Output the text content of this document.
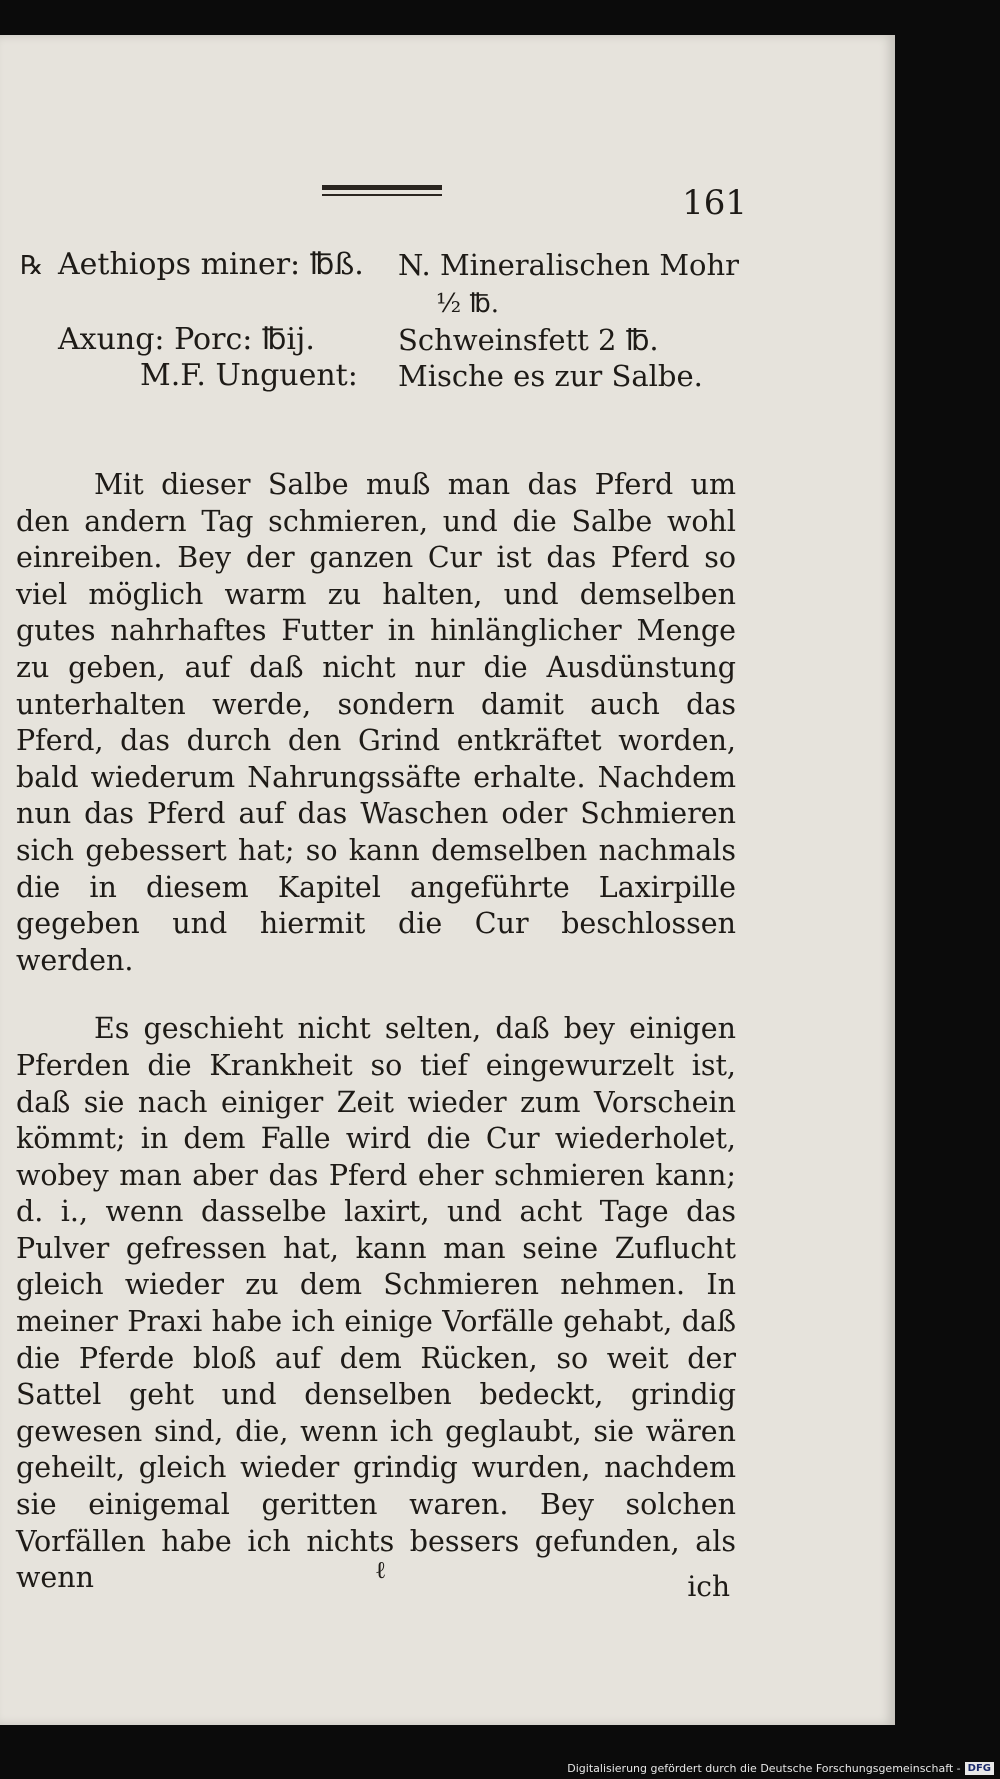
161
℞ Aethiops miner: ℔ß.	N. Mineralischen Mohr
½ ℔.
Axung: Porc: ℔ij.	Schweinsfett 2 ℔.
M.F. Unguent:	Mische es zur Salbe.

Mit dieser Salbe muß man das Pferd um den andern Tag schmieren, und die Salbe wohl einreiben. Bey der ganzen Cur ist das Pferd so viel möglich warm zu halten, und demselben gutes nahrhaftes Futter in hinlänglicher Menge zu geben, auf daß nicht nur die Ausdünstung unterhalten werde, sondern damit auch das Pferd, das durch den Grind entkräftet worden, bald wiederum Nahrungssäfte erhalte. Nachdem nun das Pferd auf das Waschen oder Schmieren sich gebessert hat; so kann demselben nachmals die in diesem Kapitel angeführte Laxirpille gegeben und hiermit die Cur beschlossen werden.

Es geschieht nicht selten, daß bey einigen Pferden die Krankheit so tief eingewurzelt ist, daß sie nach einiger Zeit wieder zum Vorschein kömmt; in dem Falle wird die Cur wiederholet, wobey man aber das Pferd eher schmieren kann; d. i., wenn dasselbe laxirt, und acht Tage das Pulver gefressen hat, kann man seine Zuflucht gleich wieder zu dem Schmieren nehmen. In meiner Praxi habe ich einige Vorfälle gehabt, daß die Pferde bloß auf dem Rücken, so weit der Sattel geht und denselben bedeckt, grindig gewesen sind, die, wenn ich geglaubt, sie wären geheilt, gleich wieder grindig wurden, nachdem sie einigemal geritten waren. Bey solchen Vorfällen habe ich nichts bessers gefunden, als wenn	ℓ	ich
Digitalisierung gefördert durch die Deutsche Forschungsgemeinschaft - DFG
